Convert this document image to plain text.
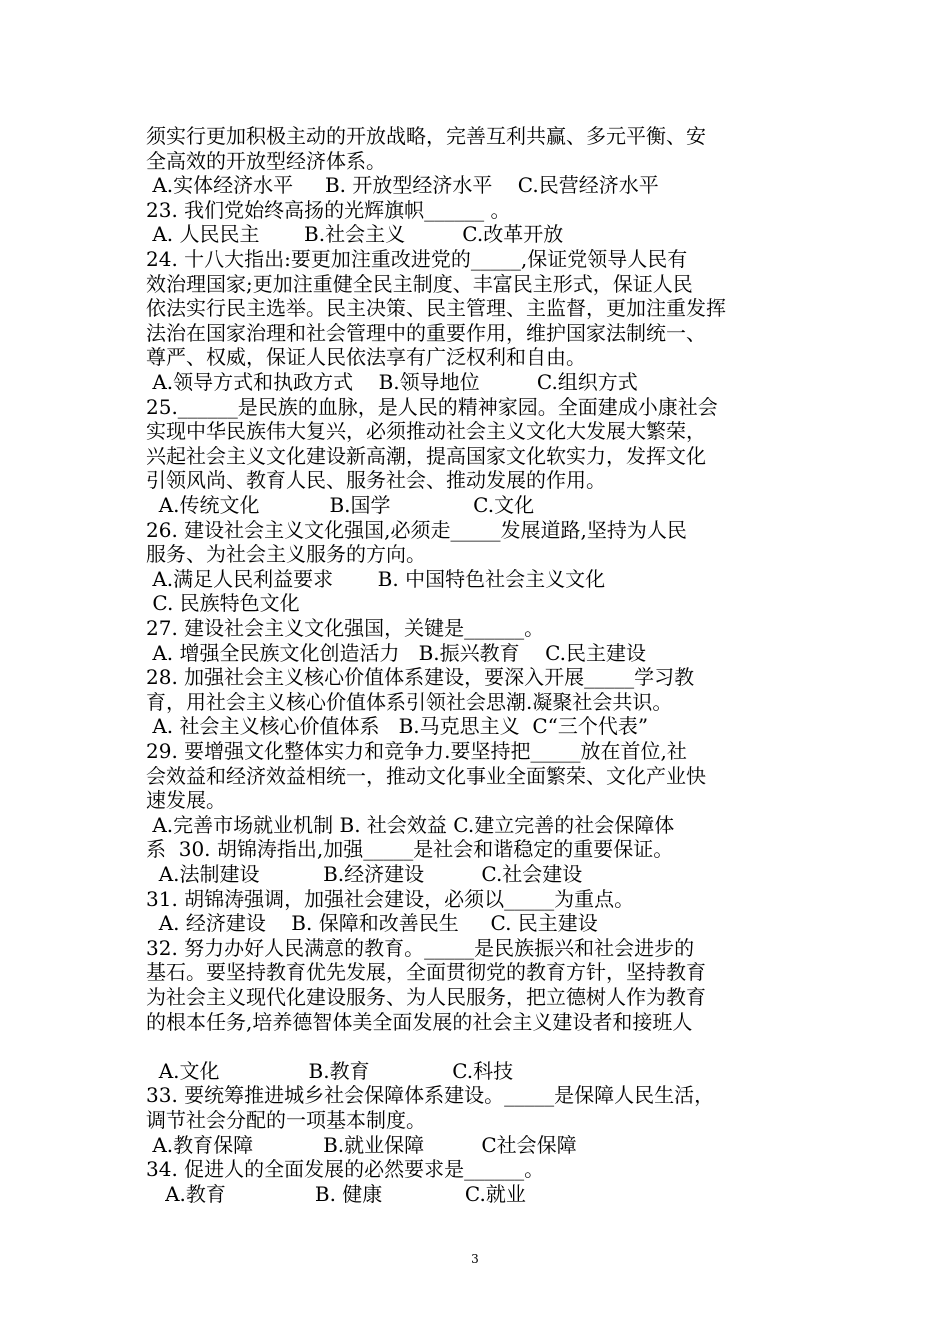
3
须实行更加积极主动的开放战略，完善互利共赢、多元平衡、安
全高效的开放型经济体系。
A.实体经济水平     B. 开放型经济水平    C.民营经济水平
23. 我们党始终高扬的光辉旗帜______ 。
A. 人民民主       B.社会主义         C.改革开放
24. 十八大指出:要更加注重改进党的_____,保证党领导人民有
效治理国家;更加注重健全民主制度、丰富民主形式，保证人民
依法实行民主选举。民主决策、民主管理、主监督，更加注重发挥
法治在国家治理和社会管理中的重要作用，维护国家法制统一、
尊严、权威，保证人民依法享有广泛权利和自由。
A.领导方式和执政方式    B.领导地位         C.组织方式
25.______是民族的血脉，是人民的精神家园。全面建成小康社会
实现中华民族伟大复兴，必须推动社会主义文化大发展大繁荣，
兴起社会主义文化建设新高潮，提高国家文化软实力，发挥文化
引领风尚、教育人民、服务社会、推动发展的作用。
A.传统文化           B.国学             C.文化
26. 建设社会主义文化强国,必须走_____发展道路,坚持为人民
服务、为社会主义服务的方向。
A.满足人民利益要求       B. 中国特色社会主义文化
C. 民族特色文化
27. 建设社会主义文化强国，关键是______。
A. 增强全民族文化创造活力   B.振兴教育    C.民主建设
28. 加强社会主义核心价值体系建设，要深入开展_____学习教
育，用社会主义核心价值体系引领社会思潮.凝聚社会共识。
A. 社会主义核心价值体系   B.马克思主义  C“三个代表”
29. 要增强文化整体实力和竞争力.要坚持把_____放在首位,社
会效益和经济效益相统一，推动文化事业全面繁荣、文化产业快
速发展。
A.完善市场就业机制 B. 社会效益 C.建立完善的社会保障体
系  30. 胡锦涛指出,加强_____是社会和谐稳定的重要保证。
A.法制建设          B.经济建设         C.社会建设
31. 胡锦涛强调，加强社会建设，必须以_____为重点。
A. 经济建设    B. 保障和改善民生     C. 民主建设
32. 努力办好人民满意的教育。_____是民族振兴和社会进步的
基石。要坚持教育优先发展，全面贯彻党的教育方针，坚持教育
为社会主义现代化建设服务、为人民服务，把立德树人作为教育
的根本任务,培养德智体美全面发展的社会主义建设者和接班人
A.文化              B.教育             C.科技
33. 要统筹推进城乡社会保障体系建设。_____是保障人民生活，
调节社会分配的一项基本制度。
A.教育保障           B.就业保障         C社会保障
34. 促进人的全面发展的必然要求是______。
A.教育              B. 健康             C.就业
